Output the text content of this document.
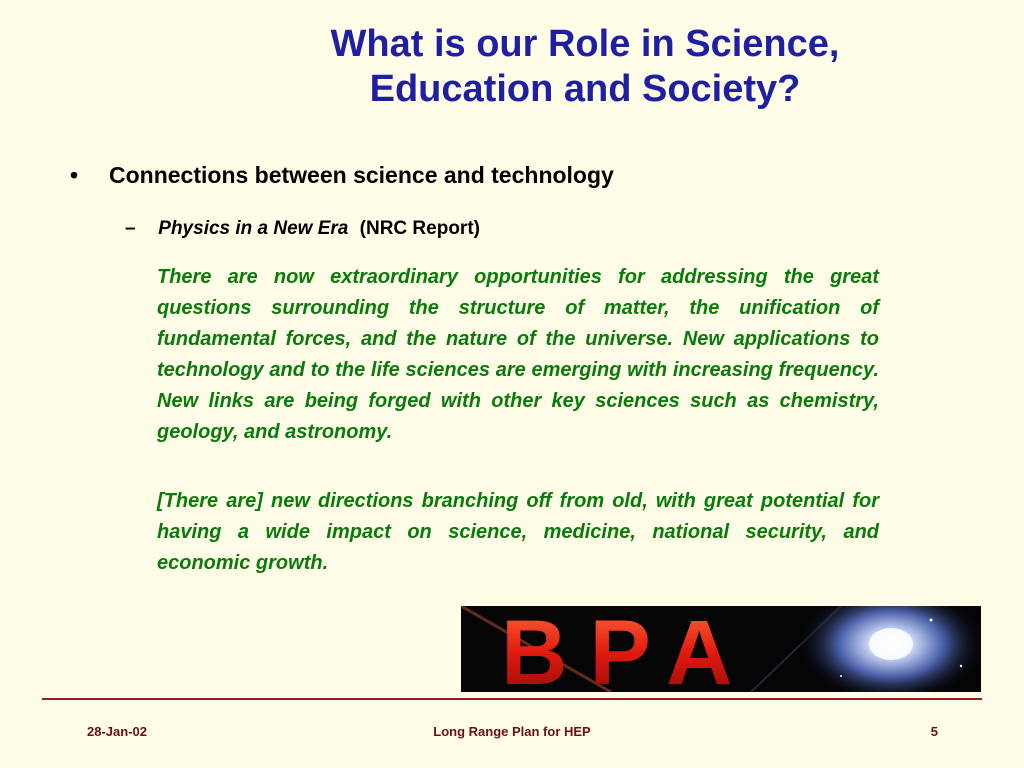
What is our Role in Science,
Education and Society?
• Connections between science and technology
– Physics in a New Era (NRC Report)

There are now extraordinary opportunities for addressing the great questions surrounding the structure of matter, the unification of fundamental forces, and the nature of the universe. New applications to technology and to the life sciences are emerging with increasing frequency. New links are being forged with other key sciences such as chemistry, geology, and astronomy.

[There are] new directions branching off from old, with great potential for having a wide impact on science, medicine, national security, and economic growth.

BPA
28-Jan-02	Long Range Plan for HEP	5
